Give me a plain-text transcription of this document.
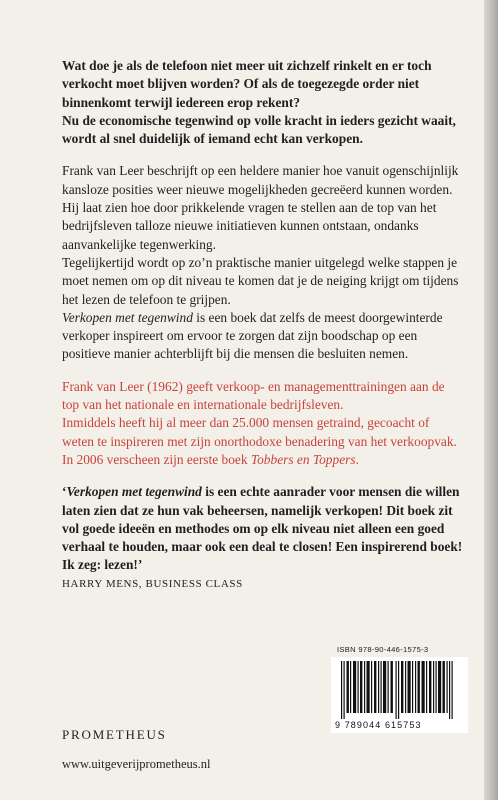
Wat doe je als de telefoon niet meer uit zichzelf rinkelt en er toch verkocht moet blijven worden? Of als de toegezegde order niet binnenkomt terwijl iedereen erop rekent?
Nu de economische tegenwind op volle kracht in ieders gezicht waait, wordt al snel duidelijk of iemand echt kan verkopen.

Frank van Leer beschrijft op een heldere manier hoe vanuit ogenschijnlijk kansloze posities weer nieuwe mogelijkheden gecreëerd kunnen worden. Hij laat zien hoe door prikkelende vragen te stellen aan de top van het bedrijfsleven talloze nieuwe initiatieven kunnen ontstaan, ondanks aanvankelijke tegenwerking.

Tegelijkertijd wordt op zo’n praktische manier uitgelegd welke stappen je moet nemen om op dit niveau te komen dat je de neiging krijgt om tijdens het lezen de telefoon te grijpen.

Verkopen met tegenwind is een boek dat zelfs de meest doorgewinterde verkoper inspireert om ervoor te zorgen dat zijn boodschap op een positieve manier achterblijft bij die mensen die besluiten nemen.

Frank van Leer (1962) geeft verkoop- en managementtrainingen aan de top van het nationale en internationale bedrijfsleven.
Inmiddels heeft hij al meer dan 25.000 mensen getraind, gecoacht of weten te inspireren met zijn onorthodoxe benadering van het verkoopvak. In 2006 verscheen zijn eerste boek Tobbers en Toppers.

‘Verkopen met tegenwind is een echte aanrader voor mensen die willen laten zien dat ze hun vak beheersen, namelijk verkopen! Dit boek zit vol goede ideeën en methodes om op elk niveau niet alleen een goed verhaal te houden, maar ook een deal te closen! Een inspirerend boek! Ik zeg: lezen!’

HARRY MENS, BUSINESS CLASS

ISBN 978-90-446-1575-3
9 789044 615753
PROMETHEUS
www.uitgeverijprometheus.nl
